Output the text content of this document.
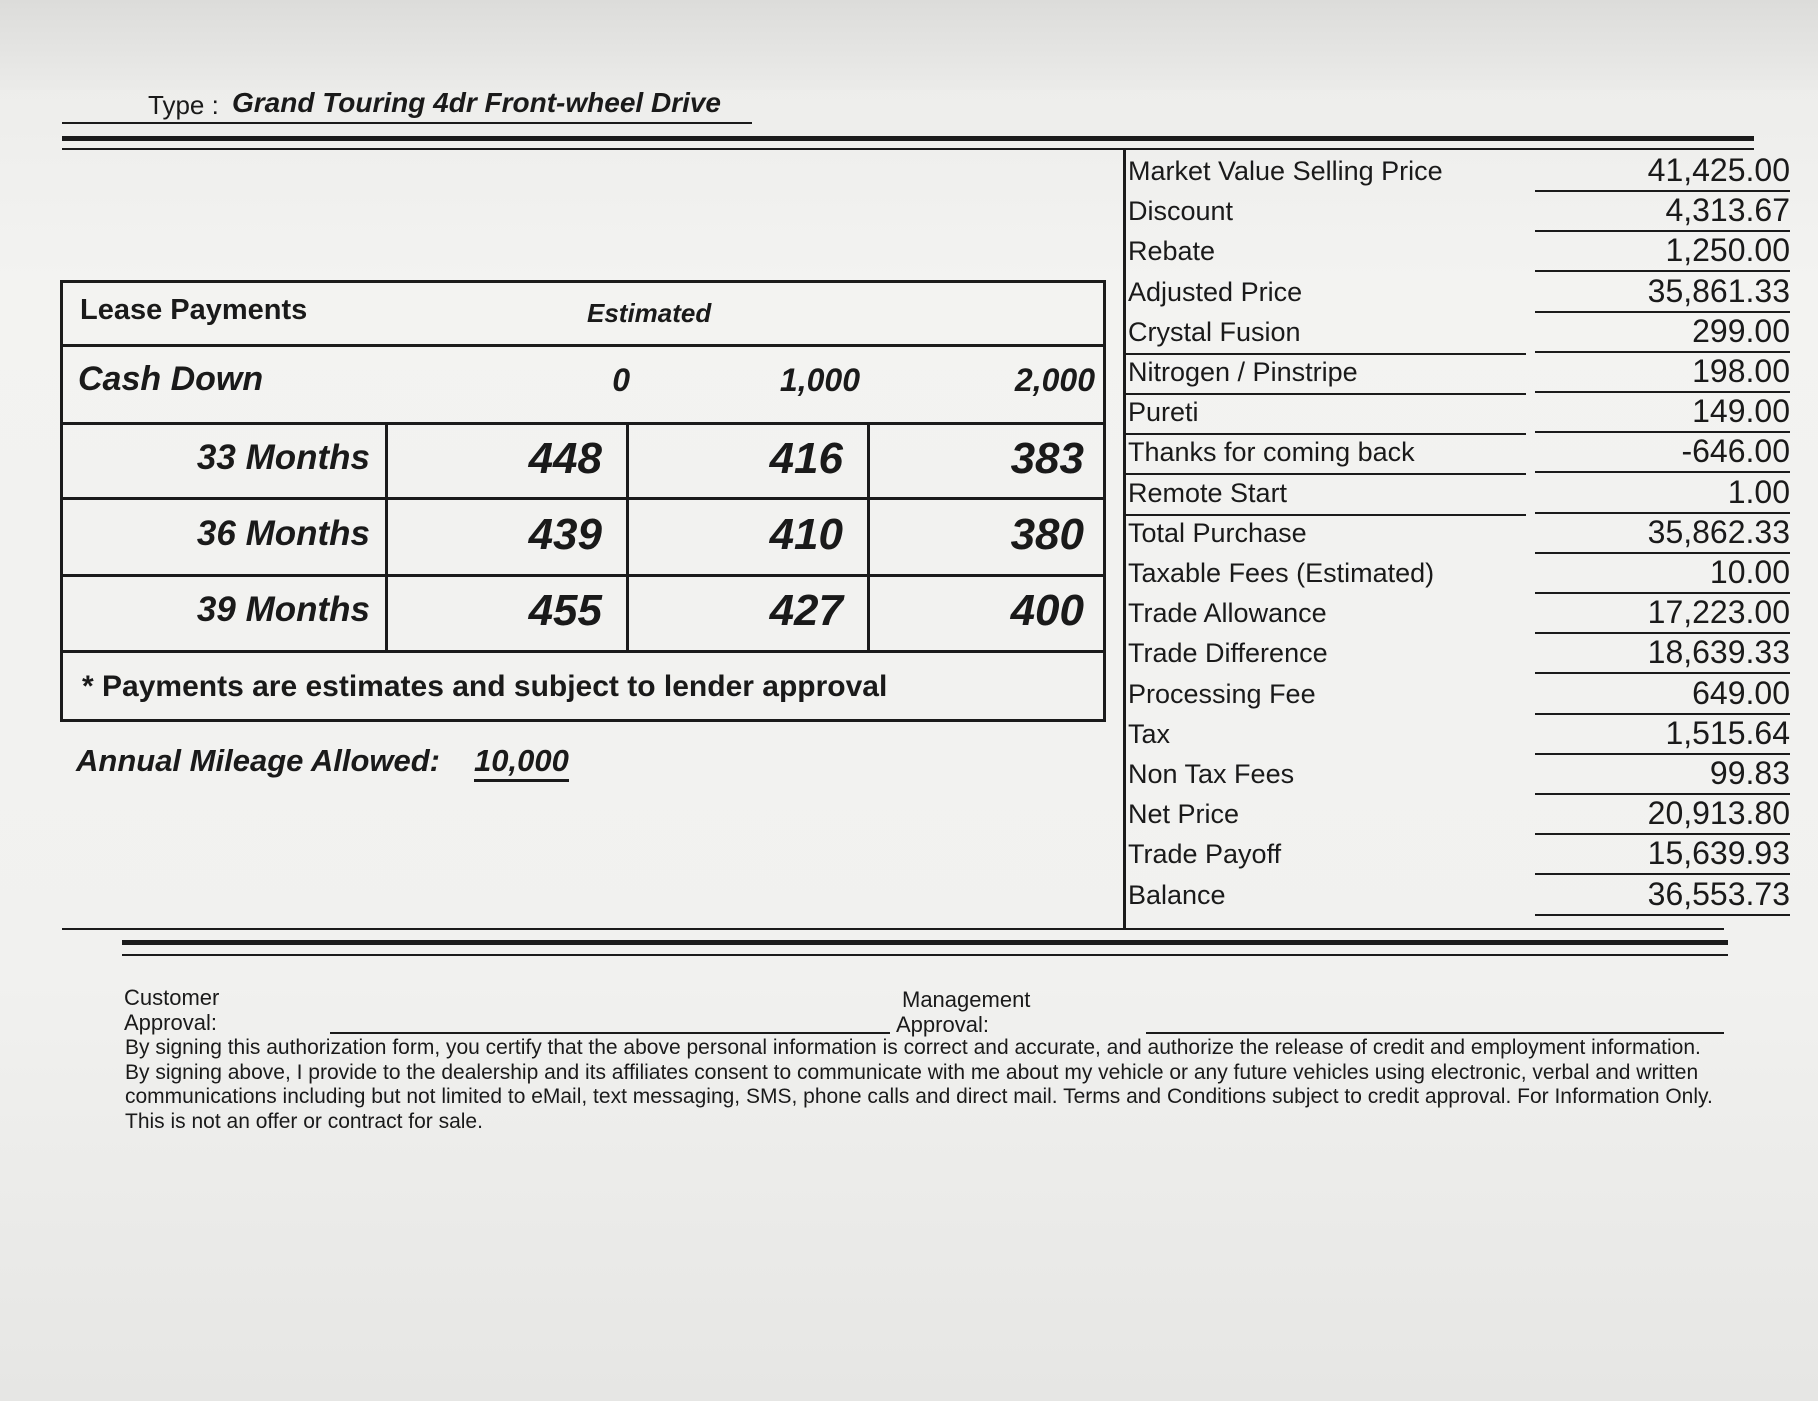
Type : Grand Touring 4dr Front-wheel Drive
Lease Payments	Estimated
Cash Down	0	1,000	2,000
33 Months	448	416	383
36 Months	439	410	380
39 Months	455	427	400
* Payments are estimates and subject to lender approval
Annual Mileage Allowed: 10,000
Market Value Selling Price	41,425.00
Discount	4,313.67
Rebate	1,250.00
Adjusted Price	35,861.33
Crystal Fusion	299.00
Nitrogen / Pinstripe	198.00
Pureti	149.00
Thanks for coming back	-646.00
Remote Start	1.00
Total Purchase	35,862.33
Taxable Fees (Estimated)	10.00
Trade Allowance	17,223.00
Trade Difference	18,639.33
Processing Fee	649.00
Tax	1,515.64
Non Tax Fees	99.83
Net Price	20,913.80
Trade Payoff	15,639.93
Balance	36,553.73
Customer
Approval:
Management
Approval:
By signing this authorization form, you certify that the above personal information is correct and accurate, and authorize the release of credit and employment information. By signing above, I provide to the dealership and its affiliates consent to communicate with me about my vehicle or any future vehicles using electronic, verbal and written communications including but not limited to eMail, text messaging, SMS, phone calls and direct mail. Terms and Conditions subject to credit approval. For Information Only. This is not an offer or contract for sale.
